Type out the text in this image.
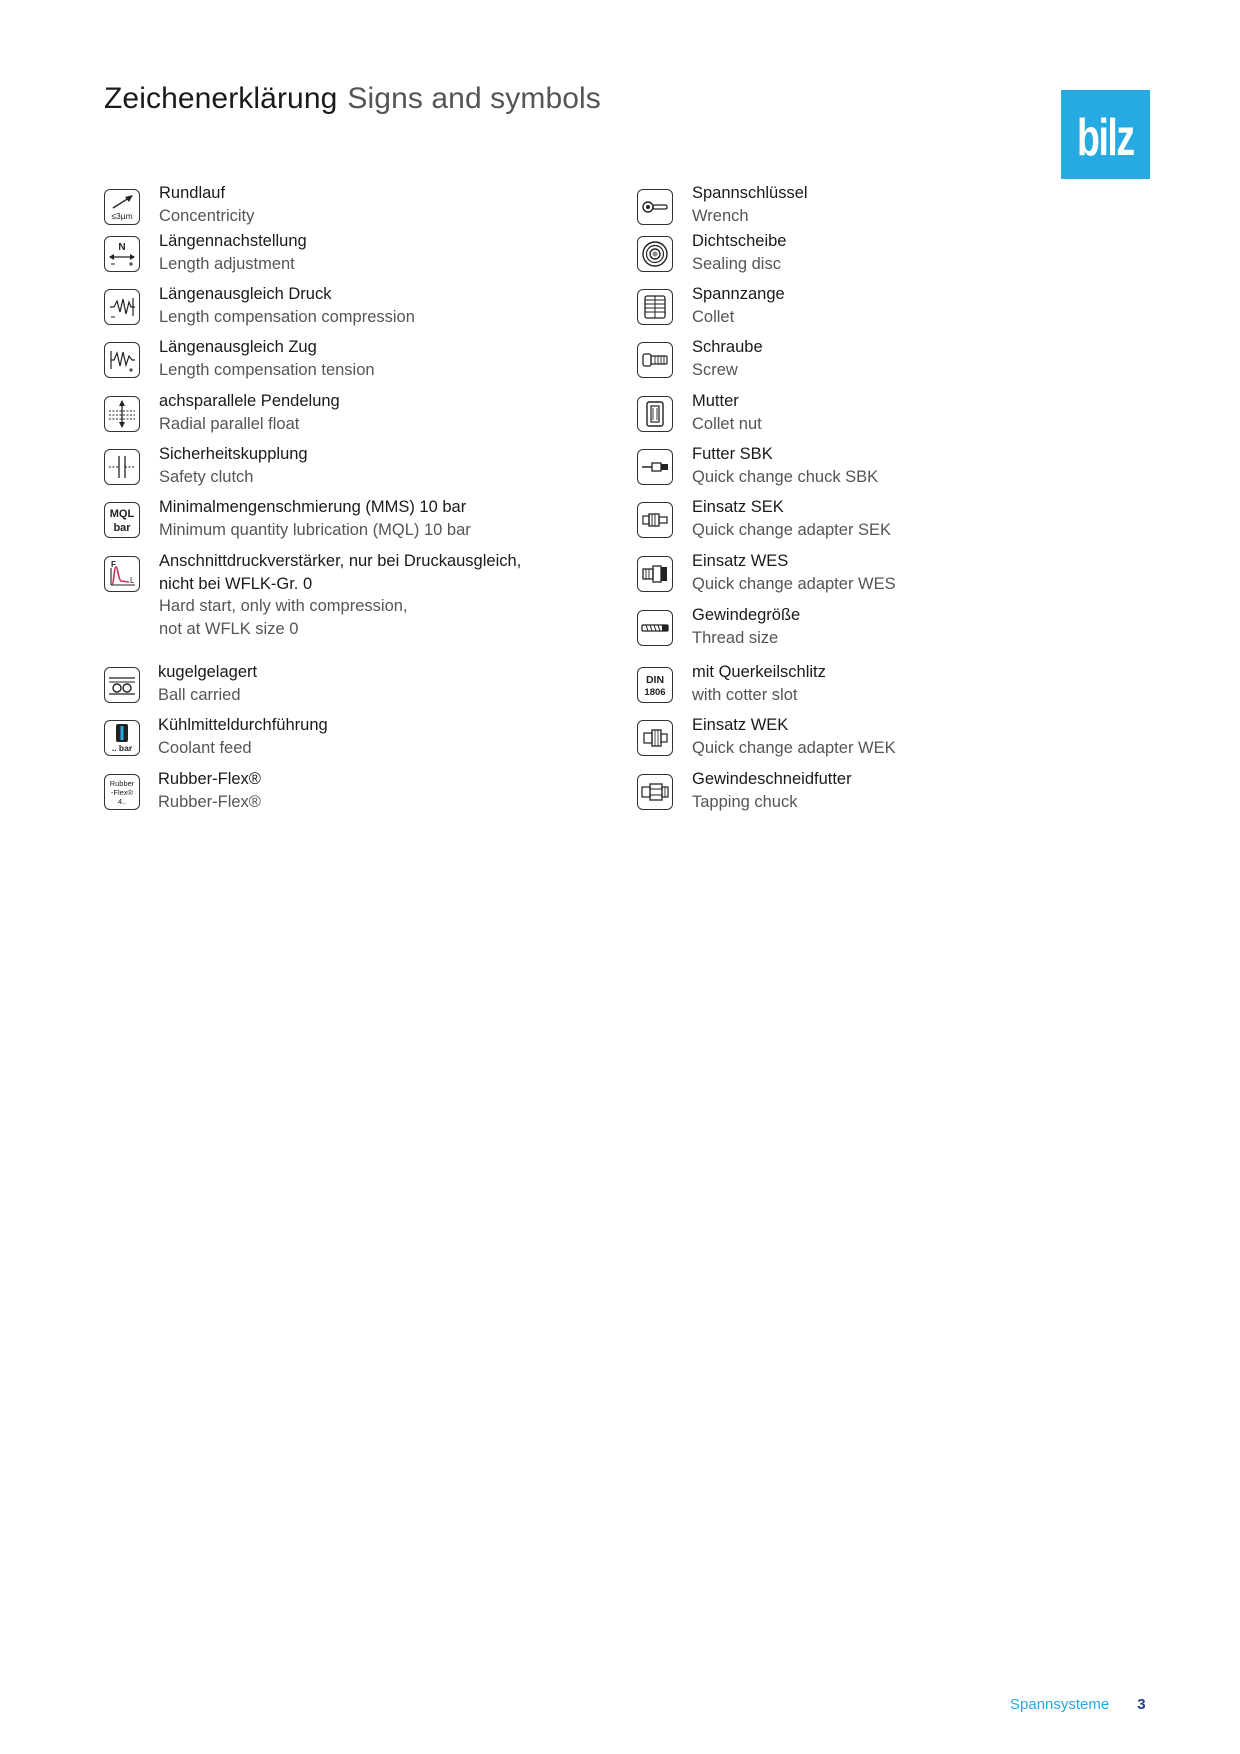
Zeichenerklärung Signs and symbols
bilz
≤3µm
Rundlauf
Concentricity
N Längennachstellung
Length adjustment
Längenausgleich Druck
Length compensation compression
Längenausgleich Zug
Length compensation tension
achsparallele Pendelung
Radial parallel float
Sicherheitskupplung
Safety clutch
MQL
bar
Minimalmengenschmierung (MMS) 10 bar
Minimum quantity lubrication (MQL) 10 bar
F
L
Anschnittdruckverstärker, nur bei Druckausgleich,
nicht bei WFLK-Gr. 0
Hard start, only with compression,
not at WFLK size 0
kugelgelagert
Ball carried
.. bar
Kühlmitteldurchführung
Coolant feed
Rubber
-Flex®
4..
Rubber-Flex®
Rubber-Flex®
Spannschlüssel
Wrench
Dichtscheibe
Sealing disc
Spannzange
Collet
Schraube
Screw
Mutter
Collet nut
Futter SBK
Quick change chuck SBK
Einsatz SEK
Quick change adapter SEK
Einsatz WES
Quick change adapter WES
Gewindegröße
Thread size
DIN
1806
mit Querkeilschlitz
with cotter slot
Einsatz WEK
Quick change adapter WEK
Gewindeschneidfutter
Tapping chuck
Spannsysteme 3
